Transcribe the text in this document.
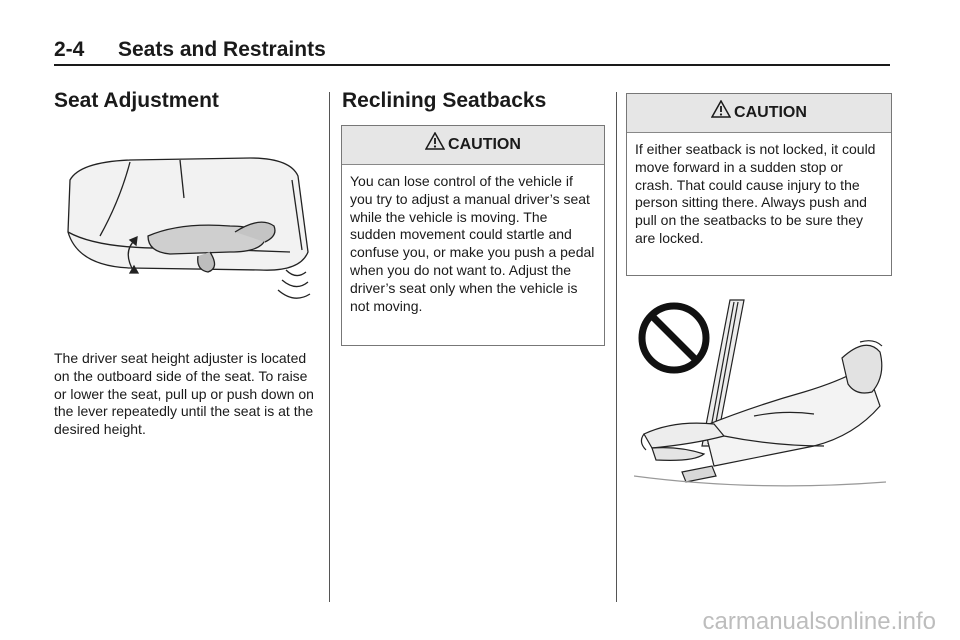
2-4 Seats and Restraints
Seat Adjustment

The driver seat height adjuster is located on the outboard side of the seat. To raise or lower the seat, pull up or push down on the lever repeatedly until the seat is at the desired height.

Reclining Seatbacks
CAUTION
You can lose control of the vehicle if you try to adjust a manual driver’s seat while the vehicle is moving. The sudden movement could startle and confuse you, or make you push a pedal when you do not want to. Adjust the driver’s seat only when the vehicle is not moving.
CAUTION
If either seatback is not locked, it could move forward in a sudden stop or crash. That could cause injury to the person sitting there. Always push and pull on the seatbacks to be sure they are locked.
carmanualsonline.info
